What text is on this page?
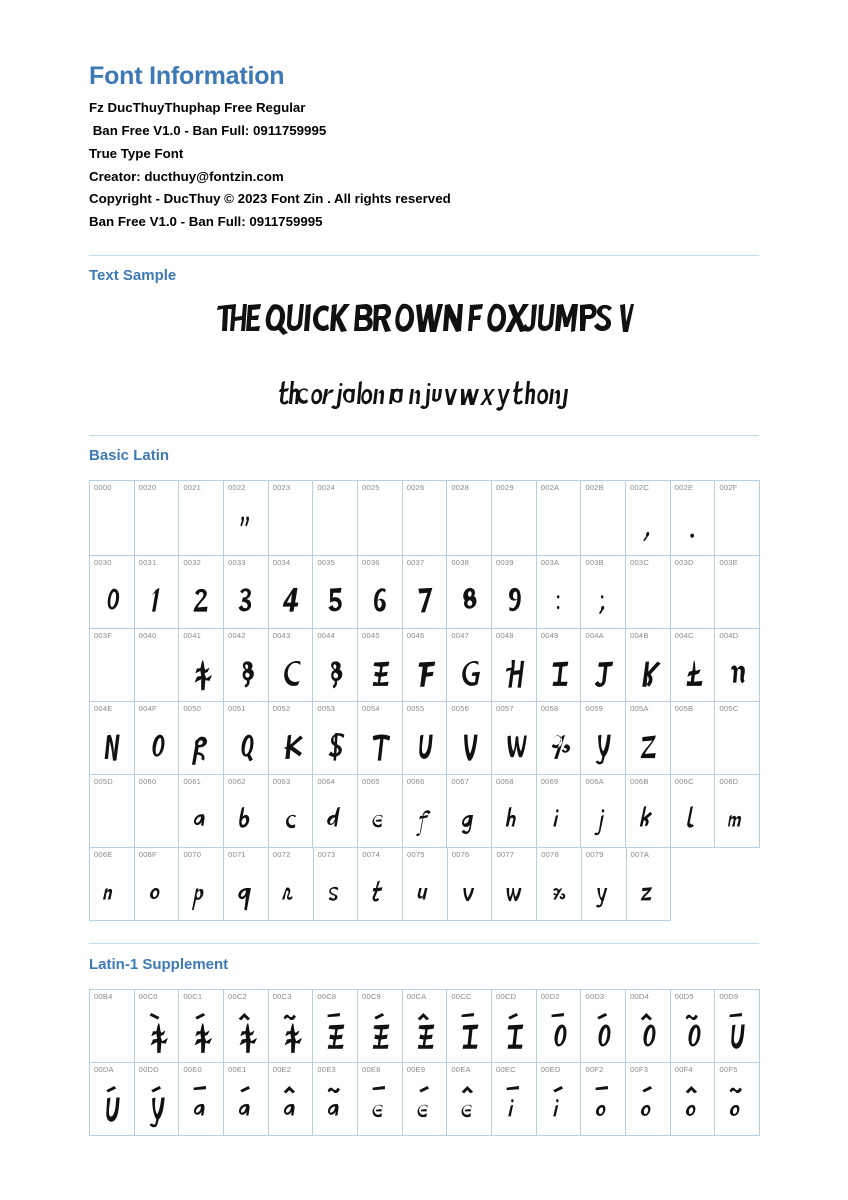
Font Information
Fz DucThuyThuphap Free Regular
Ban Free V1.0 - Ban Full: 0911759995
True Type Font
Creator: ducthuy@fontzin.com
Copyright - DucThuy © 2023 Font Zin . All rights reserved
Ban Free V1.0 - Ban Full: 0911759995
Text Sample
Basic Latin
0000	0020	0021	0022	0023	0024	0025	0026	0028	0029	002A	002B	002C	002E	002F
0030	0031	0032	0033	0034	0035	0036	0037	0038	0039	003A	003B	003C	003D	003E
003F	0040	0041	0042	0043	0044	0045	0046	0047	0048	0049	004A	004B	004C	004D
004E	004F	0050	0051	0052	0053	0054	0055	0056	0057	0058	0059	005A	005B	005C
005D	0060	0061	0062	0063	0064	0065	0066	0067	0068	0069	006A	006B	006C	006D
006E	006F	0070	0071	0072	0073	0074	0075	0076	0077	0078	0079	007A
Latin-1 Supplement
00B4	00C0	00C1	00C2	00C3	00C8	00C9	00CA	00CC	00CD	00D2	00D3	00D4	00D5	00D9
00DA	00DD	00E0	00E1	00E2	00E3	00E8	00E9	00EA	00EC	00ED	00F2	00F3	00F4	00F5
